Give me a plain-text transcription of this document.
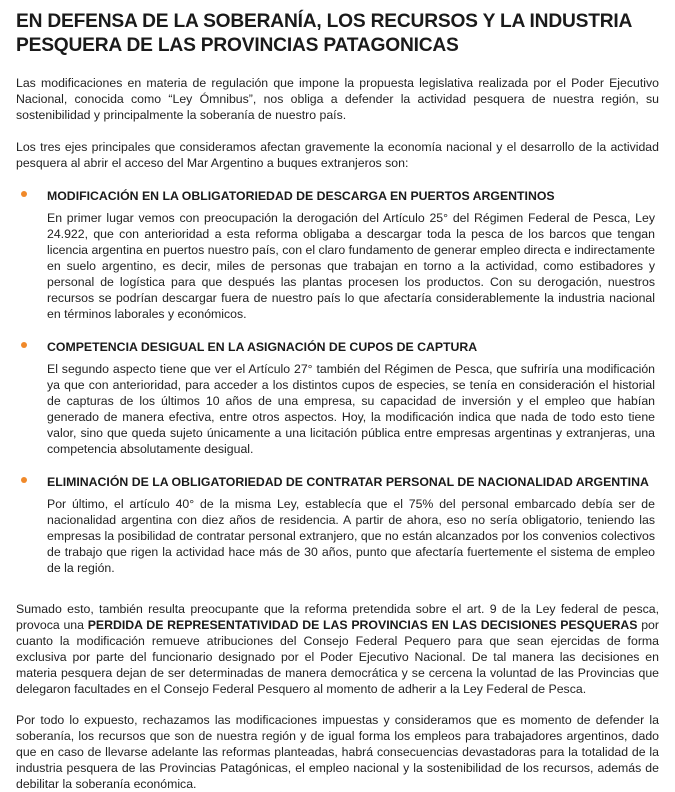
EN DEFENSA DE LA SOBERANÍA, LOS RECURSOS Y LA INDUSTRIA PESQUERA DE LAS PROVINCIAS PATAGONICAS

Las modificaciones en materia de regulación que impone la propuesta legislativa realizada por el Poder Ejecutivo Nacional, conocida como “Ley Ómnibus”, nos obliga a defender la actividad pesquera de nuestra región, su sostenibilidad y principalmente la soberanía de nuestro país.

Los tres ejes principales que consideramos afectan gravemente la economía nacional y el desarrollo de la actividad pesquera al abrir el acceso del Mar Argentino a buques extranjeros son:

MODIFICACIÓN EN LA OBLIGATORIEDAD DE DESCARGA EN PUERTOS ARGENTINOS

En primer lugar vemos con preocupación la derogación del Artículo 25° del Régimen Federal de Pesca, Ley 24.922, que con anterioridad a esta reforma obligaba a descargar toda la pesca de los barcos que tengan licencia argentina en puertos nuestro país, con el claro fundamento de generar empleo directa e indirectamente en suelo argentino, es decir, miles de personas que trabajan en torno a la actividad, como estibadores y personal de logística para que después las plantas procesen los productos. Con su derogación, nuestros recursos se podrían descargar fuera de nuestro país lo que afectaría considerablemente la industria nacional en términos laborales y económicos.

COMPETENCIA DESIGUAL EN LA ASIGNACIÓN DE CUPOS DE CAPTURA

El segundo aspecto tiene que ver el Artículo 27° también del Régimen de Pesca, que sufriría una modificación ya que con anterioridad, para acceder a los distintos cupos de especies, se tenía en consideración el historial de capturas de los últimos 10 años de una empresa, su capacidad de inversión y el empleo que habían generado de manera efectiva, entre otros aspectos. Hoy, la modificación indica que nada de todo esto tiene valor, sino que queda sujeto únicamente a una licitación pública entre empresas argentinas y extranjeras, una competencia absolutamente desigual.

ELIMINACIÓN DE LA OBLIGATORIEDAD DE CONTRATAR PERSONAL DE NACIONALIDAD ARGENTINA

Por último, el artículo 40° de la misma Ley, establecía que el 75% del personal embarcado debía ser de nacionalidad argentina con diez años de residencia. A partir de ahora, eso no sería obligatorio, teniendo las empresas la posibilidad de contratar personal extranjero, que no están alcanzados por los convenios colectivos de trabajo que rigen la actividad hace más de 30 años, punto que afectaría fuertemente el sistema de empleo de la región.

Sumado esto, también resulta preocupante que la reforma pretendida sobre el art. 9 de la Ley federal de pesca, provoca una PERDIDA DE REPRESENTATIVIDAD DE LAS PROVINCIAS EN LAS DECISIONES PESQUERAS por cuanto la modificación remueve atribuciones del Consejo Federal Pequero para que sean ejercidas de forma exclusiva por parte del funcionario designado por el Poder Ejecutivo Nacional. De tal manera las decisiones en materia pesquera dejan de ser determinadas de manera democrática y se cercena la voluntad de las Provincias que delegaron facultades en el Consejo Federal Pesquero al momento de adherir a la Ley Federal de Pesca.

Por todo lo expuesto, rechazamos las modificaciones impuestas y consideramos que es momento de defender la soberanía, los recursos que son de nuestra región y de igual forma los empleos para trabajadores argentinos, dado que en caso de llevarse adelante las reformas planteadas, habrá consecuencias devastadoras para la totalidad de la industria pesquera de las Provincias Patagónicas, el empleo nacional y la sostenibilidad de los recursos, además de debilitar la soberanía económica.
